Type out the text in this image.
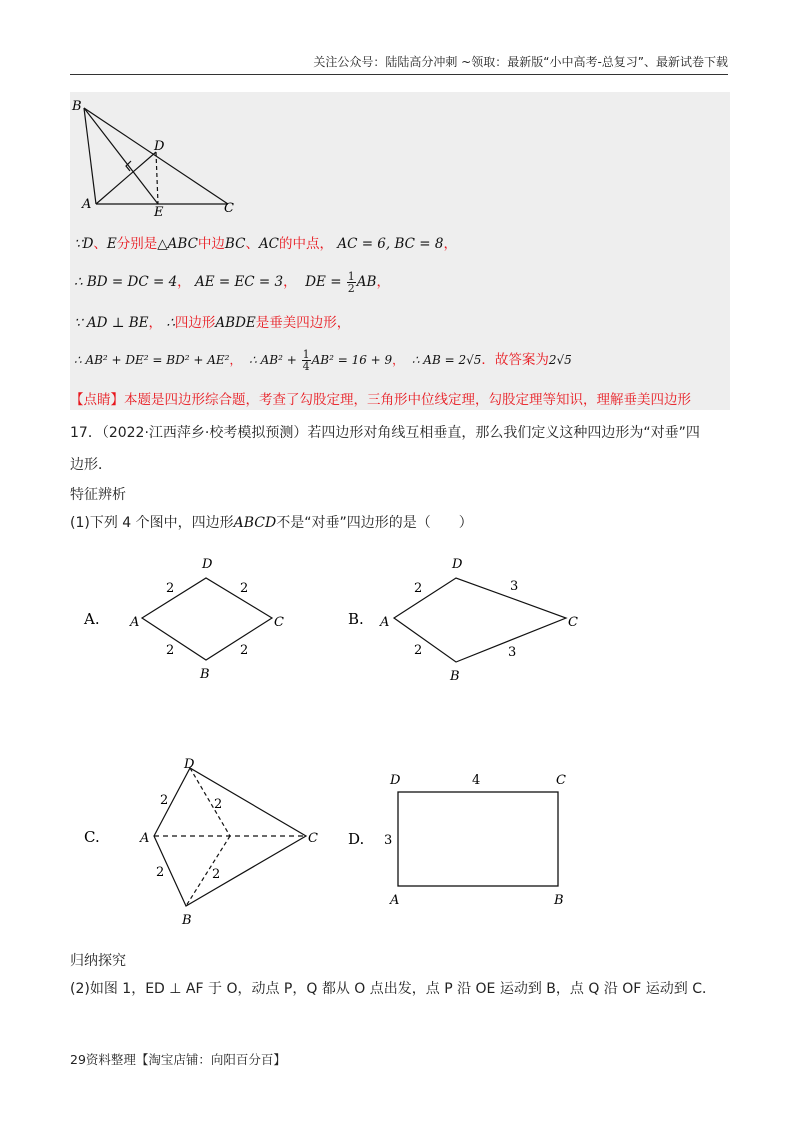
关注公众号：陆陆高分冲刺 ~领取：最新版“小中高考-总复习”、最新试卷下载
B
D
A
E	C
∵D、E分别是△ABC中边BC、AC的中点， AC = 6, BC = 8，
∴ BD = DC = 4， AE = EC = 3， DE = $\frac{1}{2}$ AB，
∵ AD ⊥ BE， ∴四边形ABDE是垂美四边形，
∴ AB² + DE² = BD² + AE²， ∴ $AB^2 + \frac{1}{4} AB^2 = 16 + 9$， ∴ AB = 2√5．故答案为2√5
【点睛】本题是四边形综合题，考查了勾股定理，三角形中位线定理，勾股定理等知识，理解垂美四边形
17．（2022·江西萍乡·校考模拟预测）若四边形对角线互相垂直，那么我们定义这种四边形为“对垂”四
边形．
特征辨析
(1)下列 4 个图中，四边形ABCD不是“对垂”四边形的是（　　）
A. A
B
C
D
2	2
2	2
B. A
B
C
D
2	3
2	3
C.	A
B
C
D
2	2
2	2
D.
A	B
C
D	4
3
归纳探究
(2)如图 1，ED ⊥ AF 于 O，动点 P，Q 都从 O 点出发，点 P 沿 OE 运动到 B，点 Q 沿 OF 运动到 C．
29资料整理【淘宝店铺：向阳百分百】
